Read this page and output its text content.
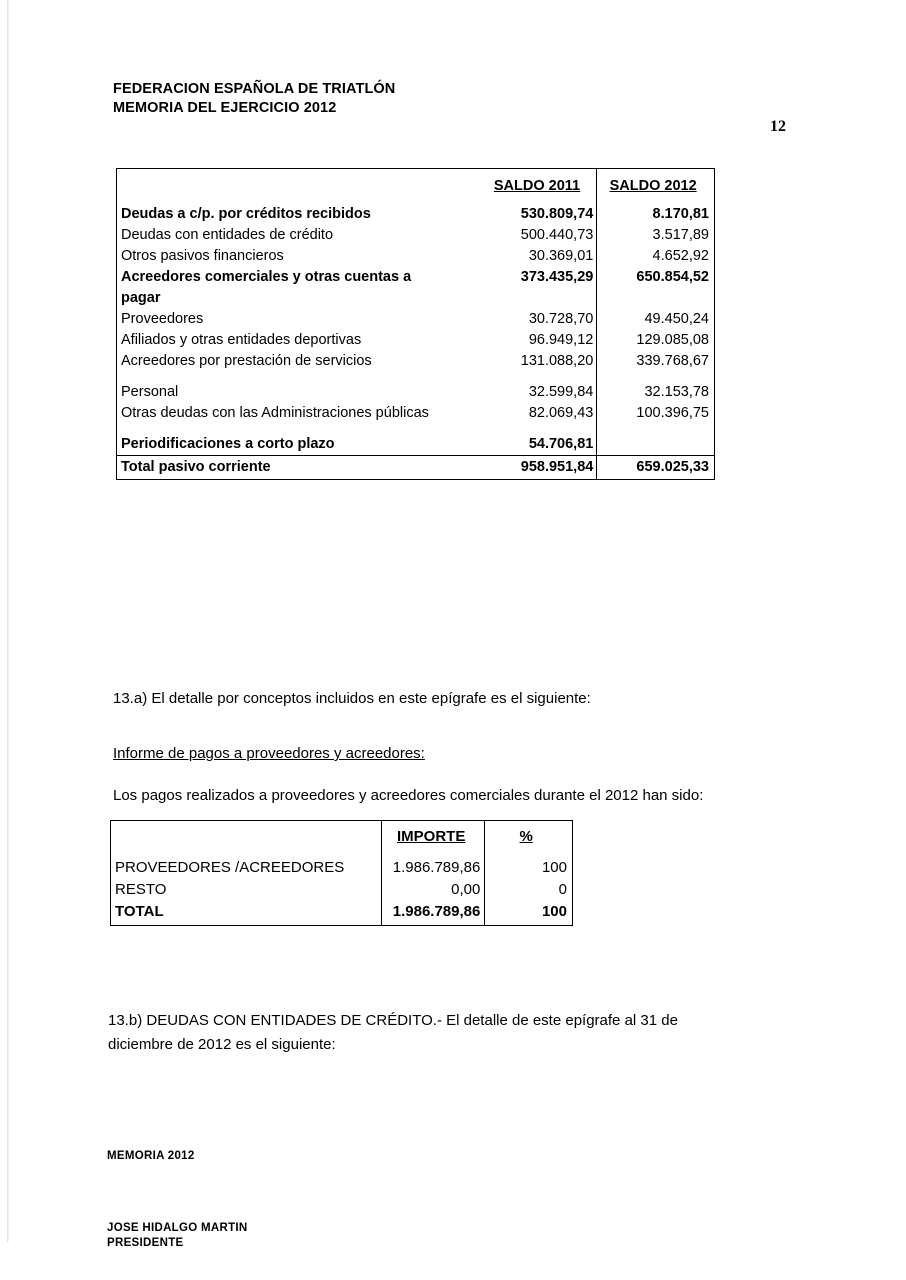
FEDERACION ESPAÑOLA DE TRIATLÓN
MEMORIA DEL EJERCICIO 2012
12
	SALDO 2011	SALDO 2012
Deudas a c/p. por créditos recibidos	530.809,74	8.170,81
Deudas con entidades de crédito	500.440,73	3.517,89
Otros pasivos financieros	30.369,01	4.652,92
Acreedores comerciales y otras cuentas a	373.435,29	650.854,52
pagar		
Proveedores	30.728,70	49.450,24
Afiliados y otras entidades deportivas	96.949,12	129.085,08
Acreedores por prestación de servicios	131.088,20	339.768,67

Personal	32.599,84	32.153,78
Otras deudas con las Administraciones públicas	82.069,43	100.396,75

Periodificaciones a corto plazo	54.706,81	
Total pasivo corriente	958.951,84	659.025,33
13.a) El detalle por conceptos incluidos en este epígrafe es el siguiente:
Informe de pagos a proveedores y acreedores:
Los pagos realizados a proveedores y acreedores comerciales durante el 2012 han sido:
	IMPORTE	%
PROVEEDORES /ACREEDORES	1.986.789,86	100
RESTO	0,00	0
TOTAL	1.986.789,86	100
13.b) DEUDAS CON ENTIDADES DE CRÉDITO.- El detalle de este epígrafe al 31 de
diciembre de 2012 es el siguiente:
MEMORIA 2012
JOSE HIDALGO MARTIN
PRESIDENTE
